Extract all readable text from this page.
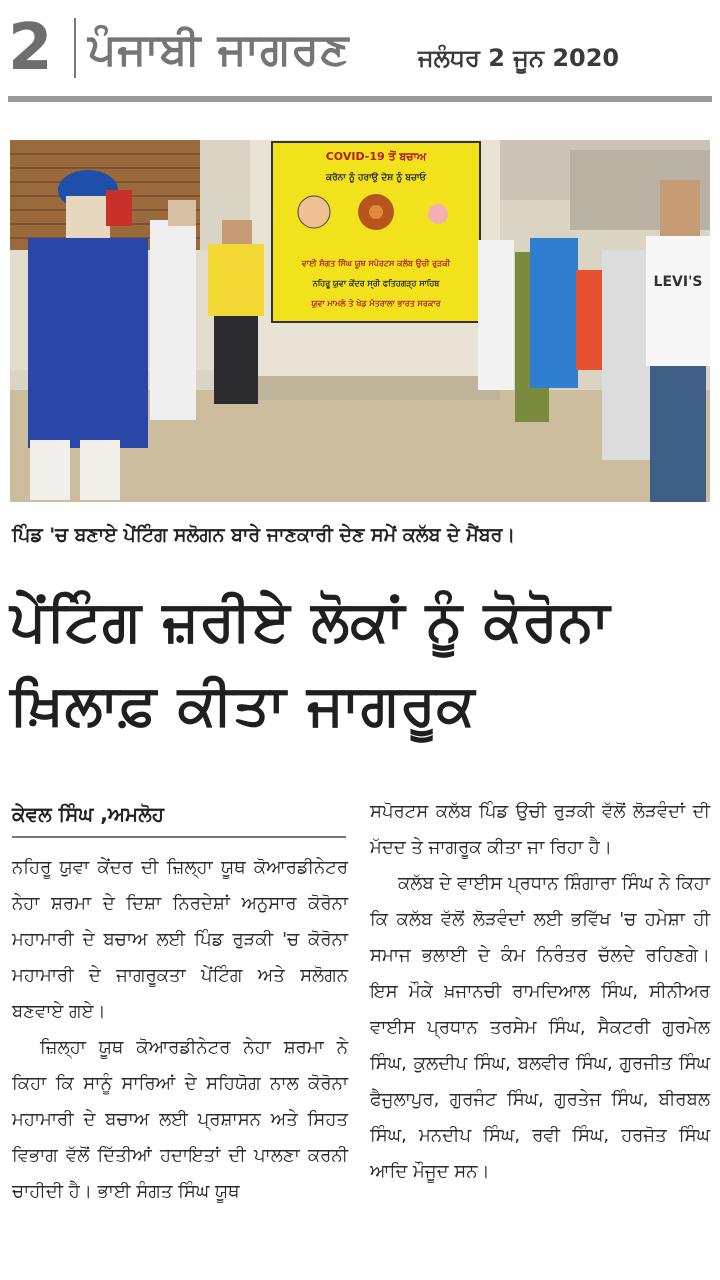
2 ਪੰਜਾਬੀ ਜਾਗਰਣ	ਜਲੰਧਰ 2 ਜੂਨ 2020
COVID-19 ਤੋਂ ਬਚਾਅ
ਕਰੋਨਾ ਨੂੰ ਹਰਾਉ ਦੇਸ਼ ਨੂੰ ਬਚਾਓ
ਵਾਈ ਸੰਗਤ ਸਿੰਘ ਯੂਥ ਸਪੋਰਟਸ ਕਲੱਬ ਉਚੀ ਰੁੜਕੀ
ਨਹਿਰੂ ਯੁਵਾ ਕੇਂਦਰ ਸ੍ਰੀ ਫਤਿਹਗੜ੍ਹ ਸਾਹਿਬ
ਯੁਵਾ ਮਾਮਲੇ ਤੇ ਖੇਡ ਮੰਤਰਾਲਾ ਭਾਰਤ ਸਰਕਾਰ
LEVI'S
ਪਿੰਡ 'ਚ ਬਣਾਏ ਪੇਂਟਿੰਗ ਸਲੋਗਨ ਬਾਰੇ ਜਾਣਕਾਰੀ ਦੇਣ ਸਮੇਂ ਕਲੱਬ ਦੇ ਮੈਂਬਰ।
ਪੇਂਟਿੰਗ ਜ਼ਰੀਏ ਲੋਕਾਂ ਨੂੰ ਕੋਰੋਨਾ
ਖ਼ਿਲਾਫ਼ ਕੀਤਾ ਜਾਗਰੂਕ
ਕੇਵਲ ਸਿੰਘ ,ਅਮਲੋਹ

ਨਹਿਰੂ ਯੁਵਾ ਕੇਂਦਰ ਦੀ ਜ਼ਿਲ੍ਹਾ ਯੂਥ ਕੋਆਰਡੀਨੇਟਰ ਨੇਹਾ ਸ਼ਰਮਾ ਦੇ ਦਿਸ਼ਾ ਨਿਰਦੇਸ਼ਾਂ ਅਨੁਸਾਰ ਕੋਰੋਨਾ ਮਹਾਮਾਰੀ ਦੇ ਬਚਾਅ ਲਈ ਪਿੰਡ ਰੁੜਕੀ 'ਚ ਕੋਰੋਨਾ ਮਹਾਮਾਰੀ ਦੇ ਜਾਗਰੂਕਤਾ ਪੇਂਟਿੰਗ ਅਤੇ ਸਲੋਗਨ ਬਣਵਾਏ ਗਏ।

ਜ਼ਿਲ੍ਹਾ ਯੂਥ ਕੋਆਰਡੀਨੇਟਰ ਨੇਹਾ ਸ਼ਰਮਾ ਨੇ ਕਿਹਾ ਕਿ ਸਾਨੂੰ ਸਾਰਿਆਂ ਦੇ ਸਹਿਯੋਗ ਨਾਲ ਕੋਰੋਨਾ ਮਹਾਮਾਰੀ ਦੇ ਬਚਾਅ ਲਈ ਪ੍ਰਸ਼ਾਸਨ ਅਤੇ ਸਿਹਤ ਵਿਭਾਗ ਵੱਲੋਂ ਦਿੱਤੀਆਂ ਹਦਾਇਤਾਂ ਦੀ ਪਾਲਣਾ ਕਰਨੀ ਚਾਹੀਦੀ ਹੈ। ਭਾਈ ਸੰਗਤ ਸਿੰਘ ਯੂਥ

ਸਪੋਰਟਸ ਕਲੱਬ ਪਿੰਡ ਉਚੀ ਰੁੜਕੀ ਵੱਲੋਂ ਲੋੜਵੰਦਾਂ ਦੀ ਮੱਦਦ ਤੇ ਜਾਗਰੂਕ ਕੀਤਾ ਜਾ ਰਿਹਾ ਹੈ।

ਕਲੱਬ ਦੇ ਵਾਈਸ ਪ੍ਰਧਾਨ ਸ਼ਿੰਗਾਰਾ ਸਿੰਘ ਨੇ ਕਿਹਾ ਕਿ ਕਲੱਬ ਵੱਲੋਂ ਲੋੜਵੰਦਾਂ ਲਈ ਭਵਿੱਖ 'ਚ ਹਮੇਸ਼ਾ ਹੀ ਸਮਾਜ ਭਲਾਈ ਦੇ ਕੰਮ ਨਿਰੰਤਰ ਚੱਲਦੇ ਰਹਿਣਗੇ। ਇਸ ਮੌਕੇ ਖ਼ਜਾਨਚੀ ਰਾਮਦਿਆਲ ਸਿੰਘ, ਸੀਨੀਅਰ ਵਾਈਸ ਪ੍ਰਧਾਨ ਤਰਸੇਮ ਸਿੰਘ, ਸੈਕਟਰੀ ਗੁਰਮੇਲ ਸਿੰਘ, ਕੁਲਦੀਪ ਸਿੰਘ, ਬਲਵੀਰ ਸਿੰਘ, ਗੁਰਜੀਤ ਸਿੰਘ ਫੈਜੁਲਾਪੁਰ, ਗੁਰਜੰਟ ਸਿੰਘ, ਗੁਰਤੇਜ ਸਿੰਘ, ਬੀਰਬਲ ਸਿੰਘ, ਮਨਦੀਪ ਸਿੰਘ, ਰਵੀ ਸਿੰਘ, ਹਰਜੋਤ ਸਿੰਘ ਆਦਿ ਮੌਜੂਦ ਸਨ।
